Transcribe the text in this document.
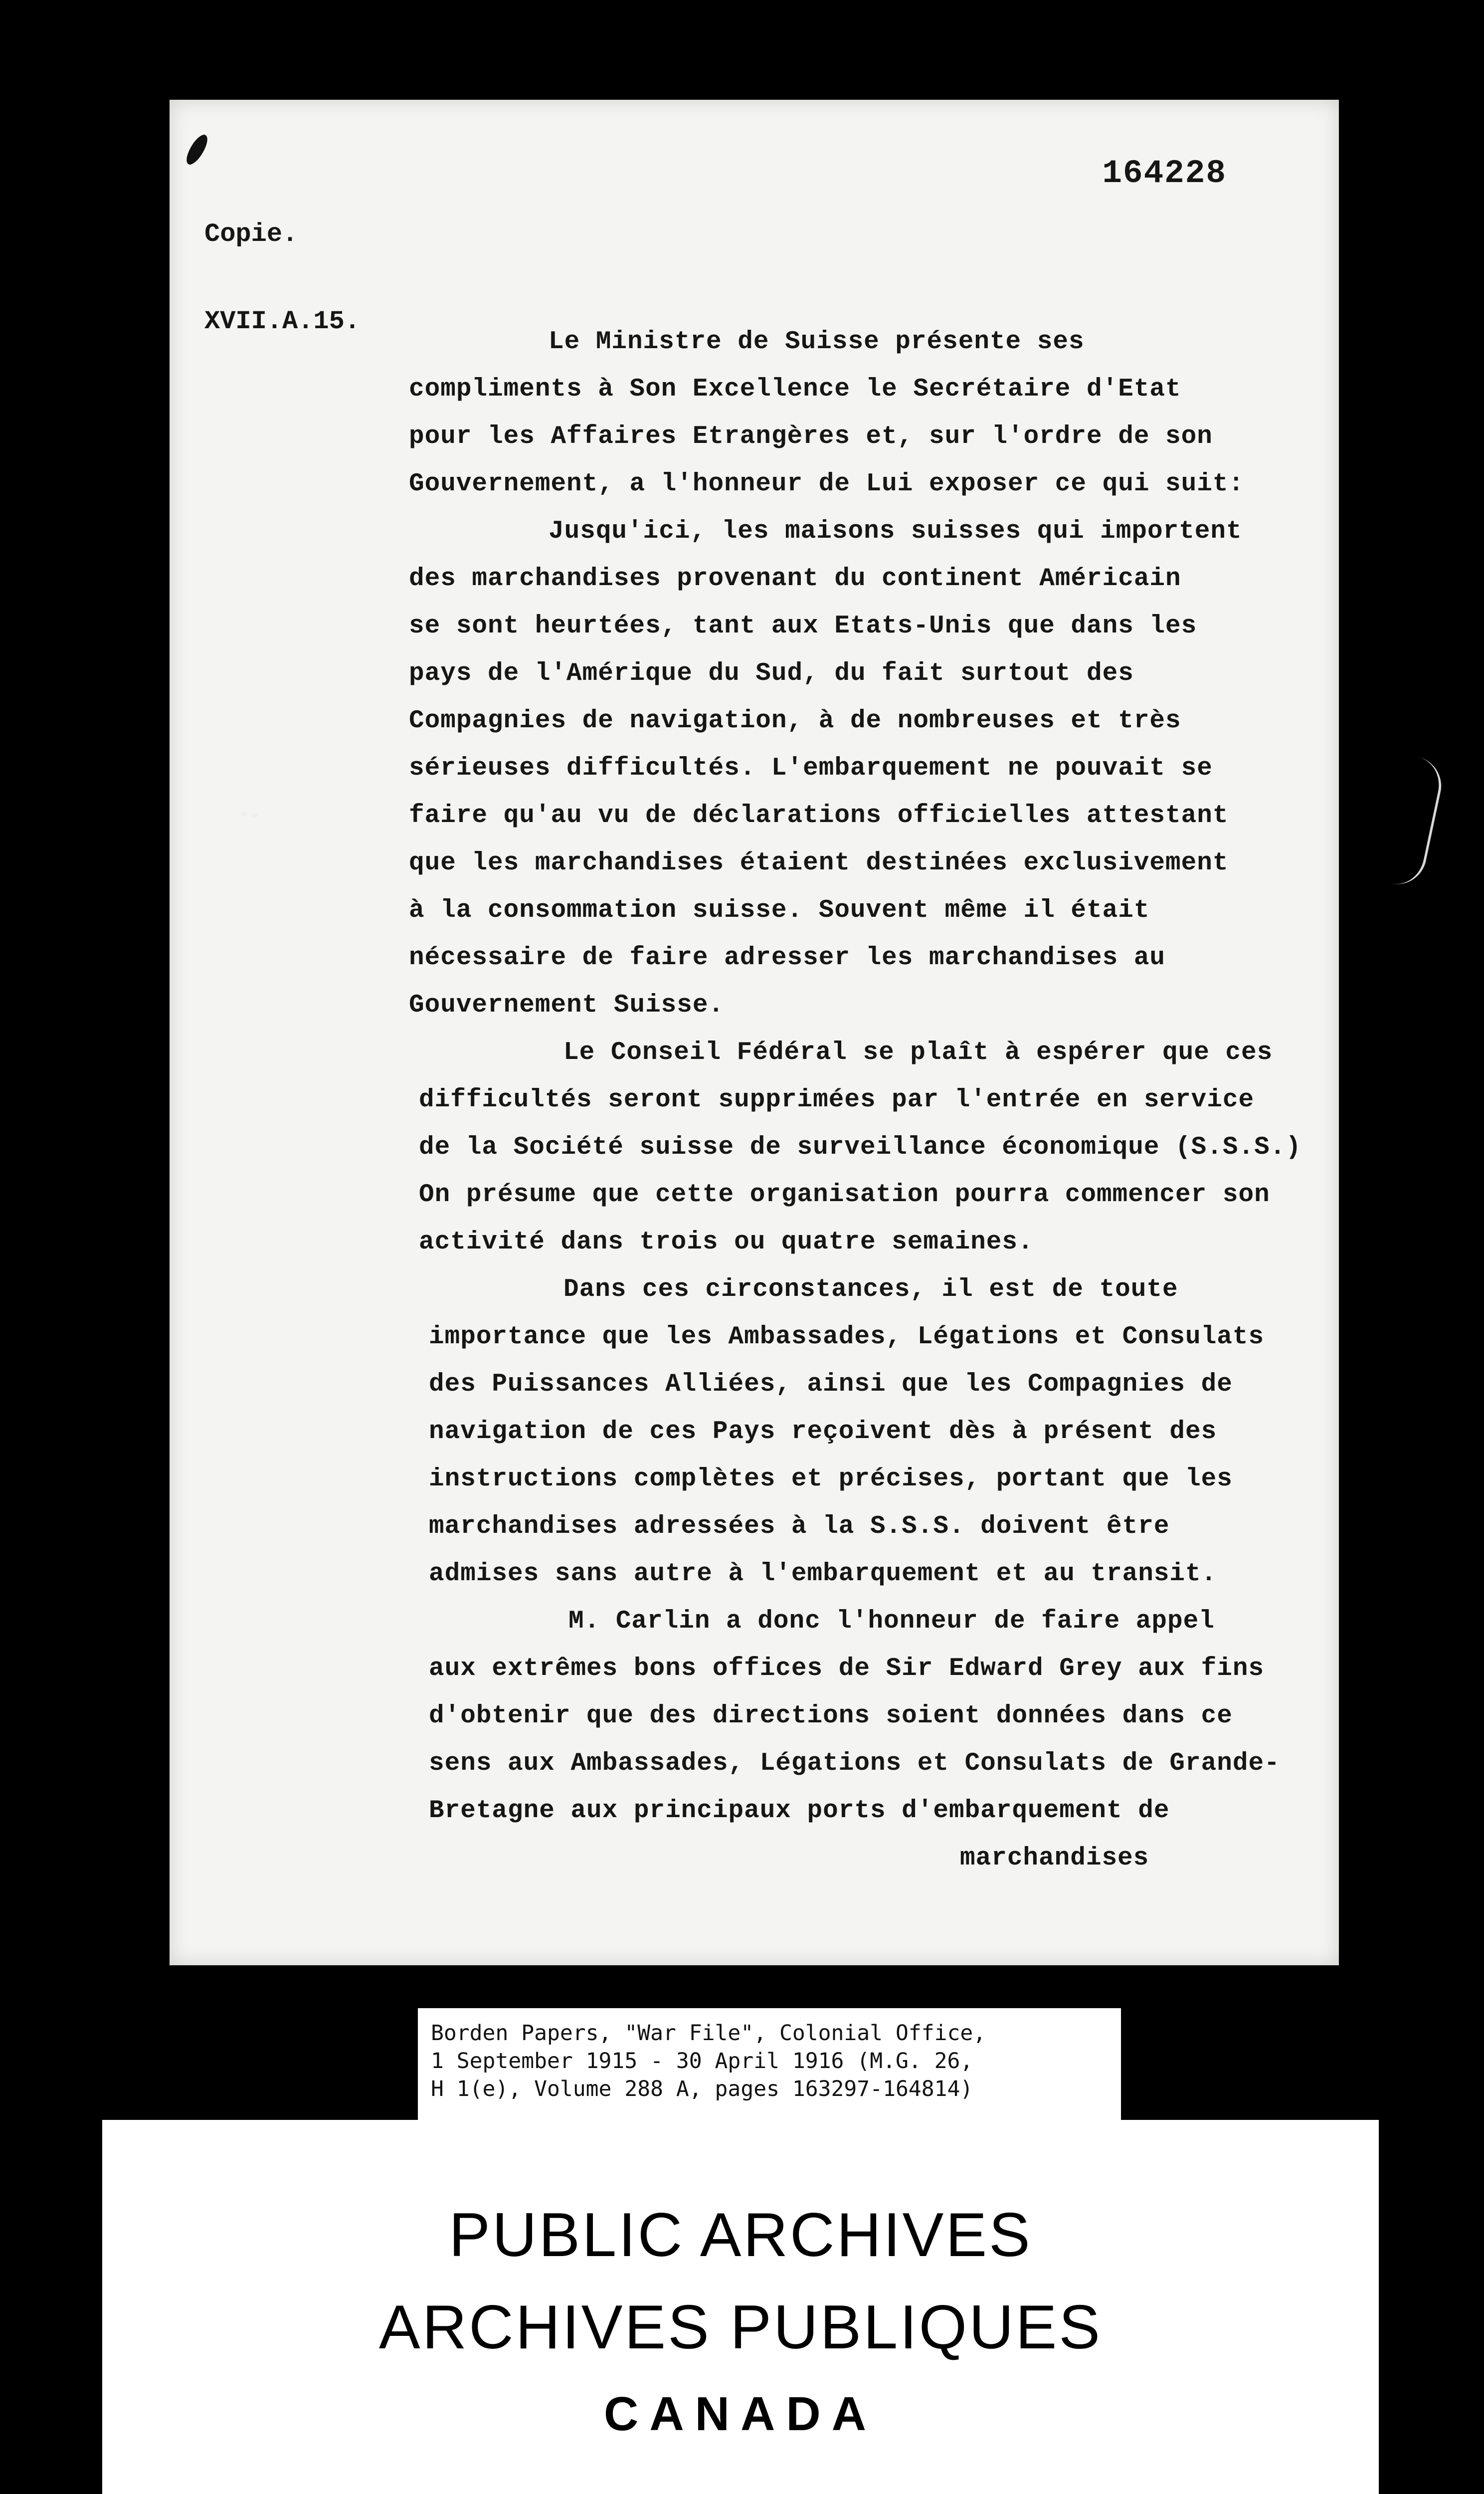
164228
Copie.
XVII.A.15.
Le Ministre de Suisse présente ses
compliments à Son Excellence le Secrétaire d'Etat
pour les Affaires Etrangères et, sur l'ordre de son
Gouvernement, a l'honneur de Lui exposer ce qui suit:
Jusqu'ici, les maisons suisses qui importent
des marchandises provenant du continent Américain
se sont heurtées, tant aux Etats-Unis que dans les
pays de l'Amérique du Sud, du fait surtout des
Compagnies de navigation, à de nombreuses et très
sérieuses difficultés. L'embarquement ne pouvait se
faire qu'au vu de déclarations officielles attestant
que les marchandises étaient destinées exclusivement
à la consommation suisse. Souvent même il était
nécessaire de faire adresser les marchandises au
Gouvernement Suisse.
Le Conseil Fédéral se plaît à espérer que ces
difficultés seront supprimées par l'entrée en service
de la Société suisse de surveillance économique (S.S.S.)
On présume que cette organisation pourra commencer son
activité dans trois ou quatre semaines.
Dans ces circonstances, il est de toute
importance que les Ambassades, Légations et Consulats
des Puissances Alliées, ainsi que les Compagnies de
navigation de ces Pays reçoivent dès à présent des
instructions complètes et précises, portant que les
marchandises adressées à la S.S.S. doivent être
admises sans autre à l'embarquement et au transit.
M. Carlin a donc l'honneur de faire appel
aux extrêmes bons offices de Sir Edward Grey aux fins
d'obtenir que des directions soient données dans ce
sens aux Ambassades, Légations et Consulats de Grande-
Bretagne aux principaux ports d'embarquement de
marchandises
Borden Papers, "War File", Colonial Office,
1 September 1915 - 30 April 1916 (M.G. 26,
H 1(e), Volume 288 A, pages 163297-164814)
PUBLIC ARCHIVES
ARCHIVES PUBLIQUES
CANADA
